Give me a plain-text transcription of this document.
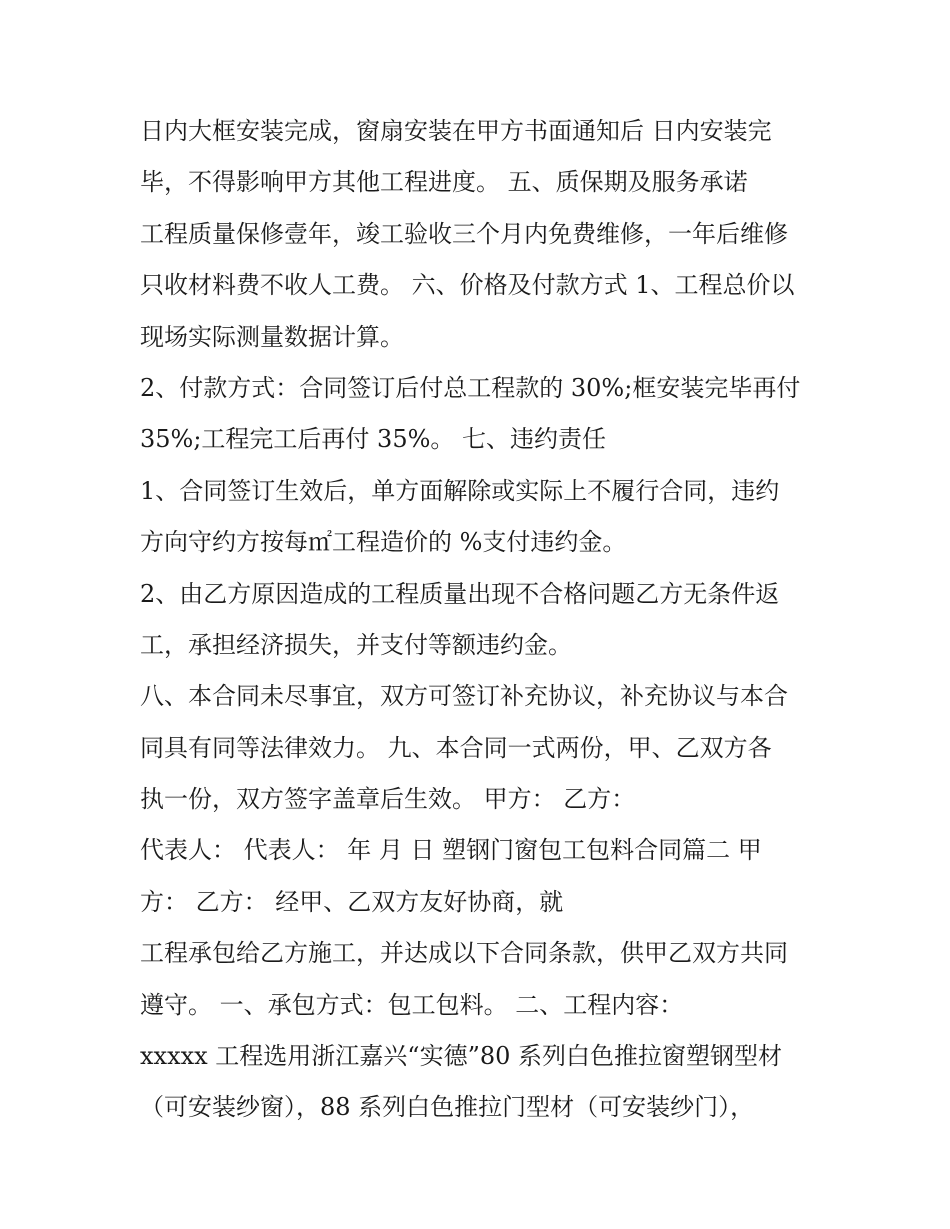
日内大框安装完成，窗扇安装在甲方书面通知后 日内安装完
毕，不得影响甲方其他工程进度。 五、质保期及服务承诺
工程质量保修壹年，竣工验收三个月内免费维修，一年后维修
只收材料费不收人工费。 六、价格及付款方式 1、工程总价以
现场实际测量数据计算。
2、付款方式：合同签订后付总工程款的 30%;框安装完毕再付
35%;工程完工后再付 35%。 七、违约责任
1、合同签订生效后，单方面解除或实际上不履行合同，违约
方向守约方按每㎡工程造价的 %支付违约金。
2、由乙方原因造成的工程质量出现不合格问题乙方无条件返
工，承担经济损失，并支付等额违约金。
八、本合同未尽事宜，双方可签订补充协议，补充协议与本合
同具有同等法律效力。 九、本合同一式两份，甲、乙双方各
执一份，双方签字盖章后生效。 甲方： 乙方：
代表人： 代表人： 年 月 日 塑钢门窗包工包料合同篇二 甲
方： 乙方： 经甲、乙双方友好协商，就
工程承包给乙方施工，并达成以下合同条款，供甲乙双方共同
遵守。 一、承包方式：包工包料。 二、工程内容：
xxxxx 工程选用浙江嘉兴“实德”80 系列白色推拉窗塑钢型材
（可安装纱窗），88 系列白色推拉门型材（可安装纱门），
